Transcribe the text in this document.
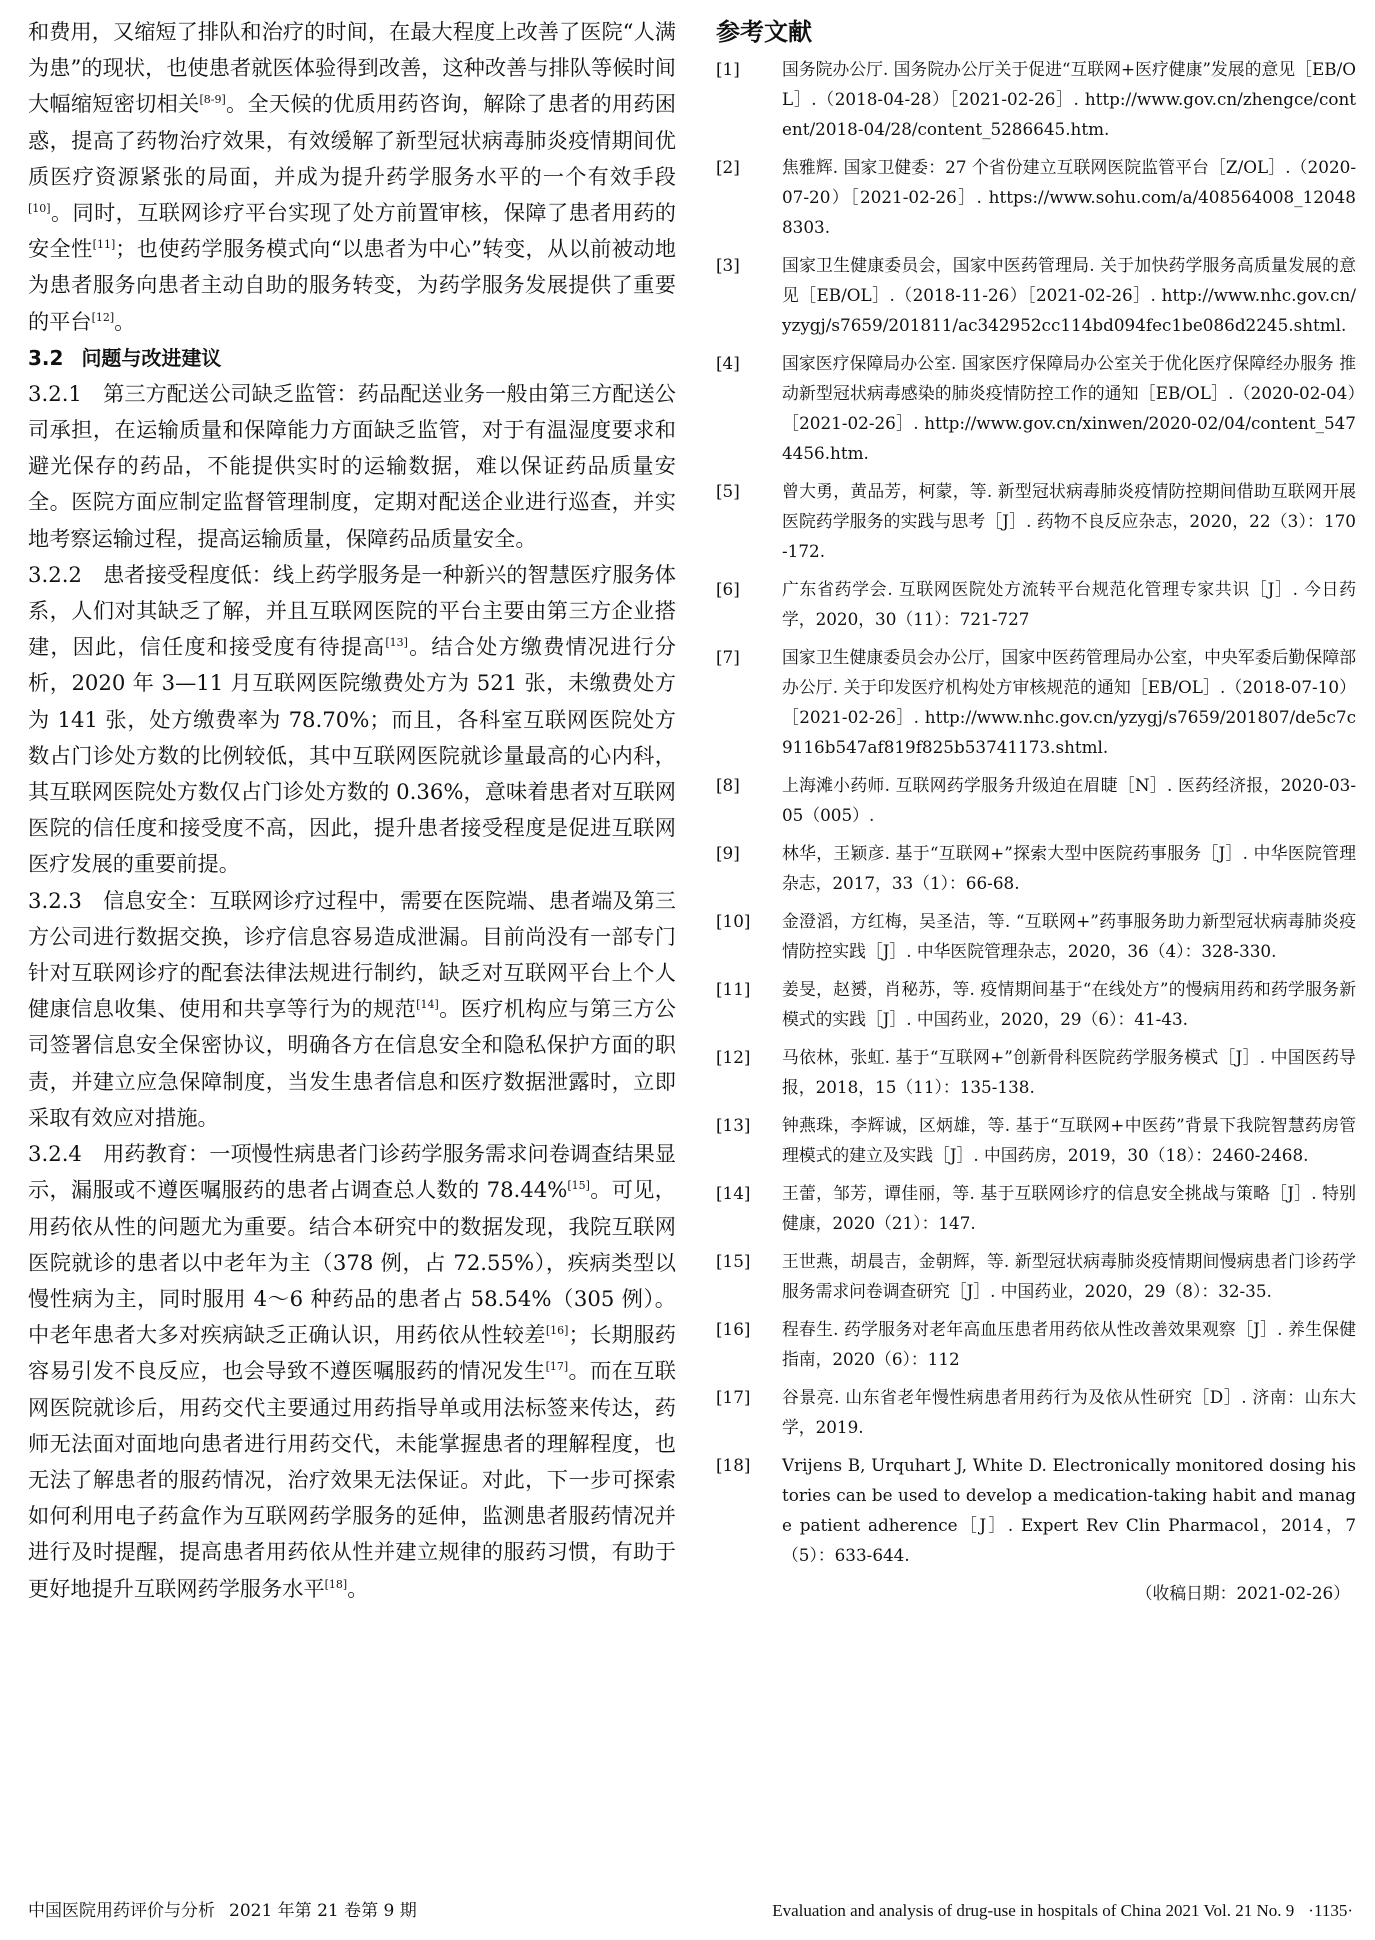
和费用，又缩短了排队和治疗的时间，在最大程度上改善了医院“人满为患”的现状，也使患者就医体验得到改善，这种改善与排队等候时间大幅缩短密切相关[8-9]。全天候的优质用药咨询，解除了患者的用药困惑，提高了药物治疗效果，有效缓解了新型冠状病毒肺炎疫情期间优质医疗资源紧张的局面，并成为提升药学服务水平的一个有效手段[10]。同时，互联网诊疗平台实现了处方前置审核，保障了患者用药的安全性[11]；也使药学服务模式向“以患者为中心”转变，从以前被动地为患者服务向患者主动自助的服务转变，为药学服务发展提供了重要的平台[12]。

3.2 问题与改进建议

3.2.1　第三方配送公司缺乏监管：药品配送业务一般由第三方配送公司承担，在运输质量和保障能力方面缺乏监管，对于有温湿度要求和避光保存的药品，不能提供实时的运输数据，难以保证药品质量安全。医院方面应制定监督管理制度，定期对配送企业进行巡查，并实地考察运输过程，提高运输质量，保障药品质量安全。

3.2.2　患者接受程度低：线上药学服务是一种新兴的智慧医疗服务体系，人们对其缺乏了解，并且互联网医院的平台主要由第三方企业搭建，因此，信任度和接受度有待提高[13]。结合处方缴费情况进行分析，2020 年 3—11 月互联网医院缴费处方为 521 张，未缴费处方为 141 张，处方缴费率为 78.70%；而且，各科室互联网医院处方数占门诊处方数的比例较低，其中互联网医院就诊量最高的心内科，其互联网医院处方数仅占门诊处方数的 0.36%，意味着患者对互联网医院的信任度和接受度不高，因此，提升患者接受程度是促进互联网医疗发展的重要前提。

3.2.3　信息安全：互联网诊疗过程中，需要在医院端、患者端及第三方公司进行数据交换，诊疗信息容易造成泄漏。目前尚没有一部专门针对互联网诊疗的配套法律法规进行制约，缺乏对互联网平台上个人健康信息收集、使用和共享等行为的规范[14]。医疗机构应与第三方公司签署信息安全保密协议，明确各方在信息安全和隐私保护方面的职责，并建立应急保障制度，当发生患者信息和医疗数据泄露时，立即采取有效应对措施。

3.2.4　用药教育：一项慢性病患者门诊药学服务需求问卷调查结果显示，漏服或不遵医嘱服药的患者占调查总人数的 78.44%[15]。可见，用药依从性的问题尤为重要。结合本研究中的数据发现，我院互联网医院就诊的患者以中老年为主（378 例，占 72.55%），疾病类型以慢性病为主，同时服用 4～6 种药品的患者占 58.54%（305 例）。中老年患者大多对疾病缺乏正确认识，用药依从性较差[16]；长期服药容易引发不良反应，也会导致不遵医嘱服药的情况发生[17]。而在互联网医院就诊后，用药交代主要通过用药指导单或用法标签来传达，药师无法面对面地向患者进行用药交代，未能掌握患者的理解程度，也无法了解患者的服药情况，治疗效果无法保证。对此，下一步可探索如何利用电子药盒作为互联网药学服务的延伸，监测患者服药情况并进行及时提醒，提高患者用药依从性并建立规律的服药习惯，有助于更好地提升互联网药学服务水平[18]。

参考文献

[1]	国务院办公厅. 国务院办公厅关于促进“互联网+医疗健康”发展的意见［EB/OL］.（2018-04-28）［2021-02-26］. http://www.gov.cn/zhengce/content/2018-04/28/content_5286645.htm.
[2]	焦雅辉. 国家卫健委：27 个省份建立互联网医院监管平台［Z/OL］.（2020-07-20）［2021-02-26］. https://www.sohu.com/a/408564008_120488303.
[3]	国家卫生健康委员会，国家中医药管理局. 关于加快药学服务高质量发展的意见［EB/OL］.（2018-11-26）［2021-02-26］. http://www.nhc.gov.cn/yzygj/s7659/201811/ac342952cc114bd094fec1be086d2245.shtml.
[4]	国家医疗保障局办公室. 国家医疗保障局办公室关于优化医疗保障经办服务 推动新型冠状病毒感染的肺炎疫情防控工作的通知［EB/OL］.（2020-02-04）［2021-02-26］. http://www.gov.cn/xinwen/2020-02/04/content_5474456.htm.
[5]	曾大勇，黄品芳，柯蒙，等. 新型冠状病毒肺炎疫情防控期间借助互联网开展医院药学服务的实践与思考［J］. 药物不良反应杂志，2020，22（3）：170-172.
[6]	广东省药学会. 互联网医院处方流转平台规范化管理专家共识［J］. 今日药学，2020，30（11）：721-727
[7]	国家卫生健康委员会办公厅，国家中医药管理局办公室，中央军委后勤保障部办公厅. 关于印发医疗机构处方审核规范的通知［EB/OL］.（2018-07-10）［2021-02-26］. http://www.nhc.gov.cn/yzygj/s7659/201807/de5c7c9116b547af819f825b53741173.shtml.
[8]	上海滩小药师. 互联网药学服务升级迫在眉睫［N］. 医药经济报，2020-03-05（005）.
[9]	林华，王颖彦. 基于“互联网+”探索大型中医院药事服务［J］. 中华医院管理杂志，2017，33（1）：66-68.
[10]	金澄滔，方红梅，吴圣洁，等. “互联网+”药事服务助力新型冠状病毒肺炎疫情防控实践［J］. 中华医院管理杂志，2020，36（4）：328-330.
[11]	姜旻，赵赟，肖秘苏，等. 疫情期间基于“在线处方”的慢病用药和药学服务新模式的实践［J］. 中国药业，2020，29（6）：41-43.
[12]	马依林，张虹. 基于“互联网+”创新骨科医院药学服务模式［J］. 中国医药导报，2018，15（11）：135-138.
[13]	钟燕珠，李辉诚，区炳雄，等. 基于“互联网+中医药”背景下我院智慧药房管理模式的建立及实践［J］. 中国药房，2019，30（18）：2460-2468.
[14]	王蕾，邹芳，谭佳丽，等. 基于互联网诊疗的信息安全挑战与策略［J］. 特别健康，2020（21）：147.
[15]	王世燕，胡晨吉，金朝辉，等. 新型冠状病毒肺炎疫情期间慢病患者门诊药学服务需求问卷调查研究［J］. 中国药业，2020，29（8）：32-35.
[16]	程春生. 药学服务对老年高血压患者用药依从性改善效果观察［J］. 养生保健指南，2020（6）：112
[17]	谷景亮. 山东省老年慢性病患者用药行为及依从性研究［D］. 济南：山东大学，2019.
[18]	Vrijens B, Urquhart J, White D. Electronically monitored dosing histories can be used to develop a medication-taking habit and manage patient adherence［J］. Expert Rev Clin Pharmacol，2014，7（5）：633-644.
（收稿日期：2021-02-26）
中国医院用药评价与分析 2021 年第 21 卷第 9 期	Evaluation and analysis of drug-use in hospitals of China 2021 Vol. 21 No. 9 ·1135·
